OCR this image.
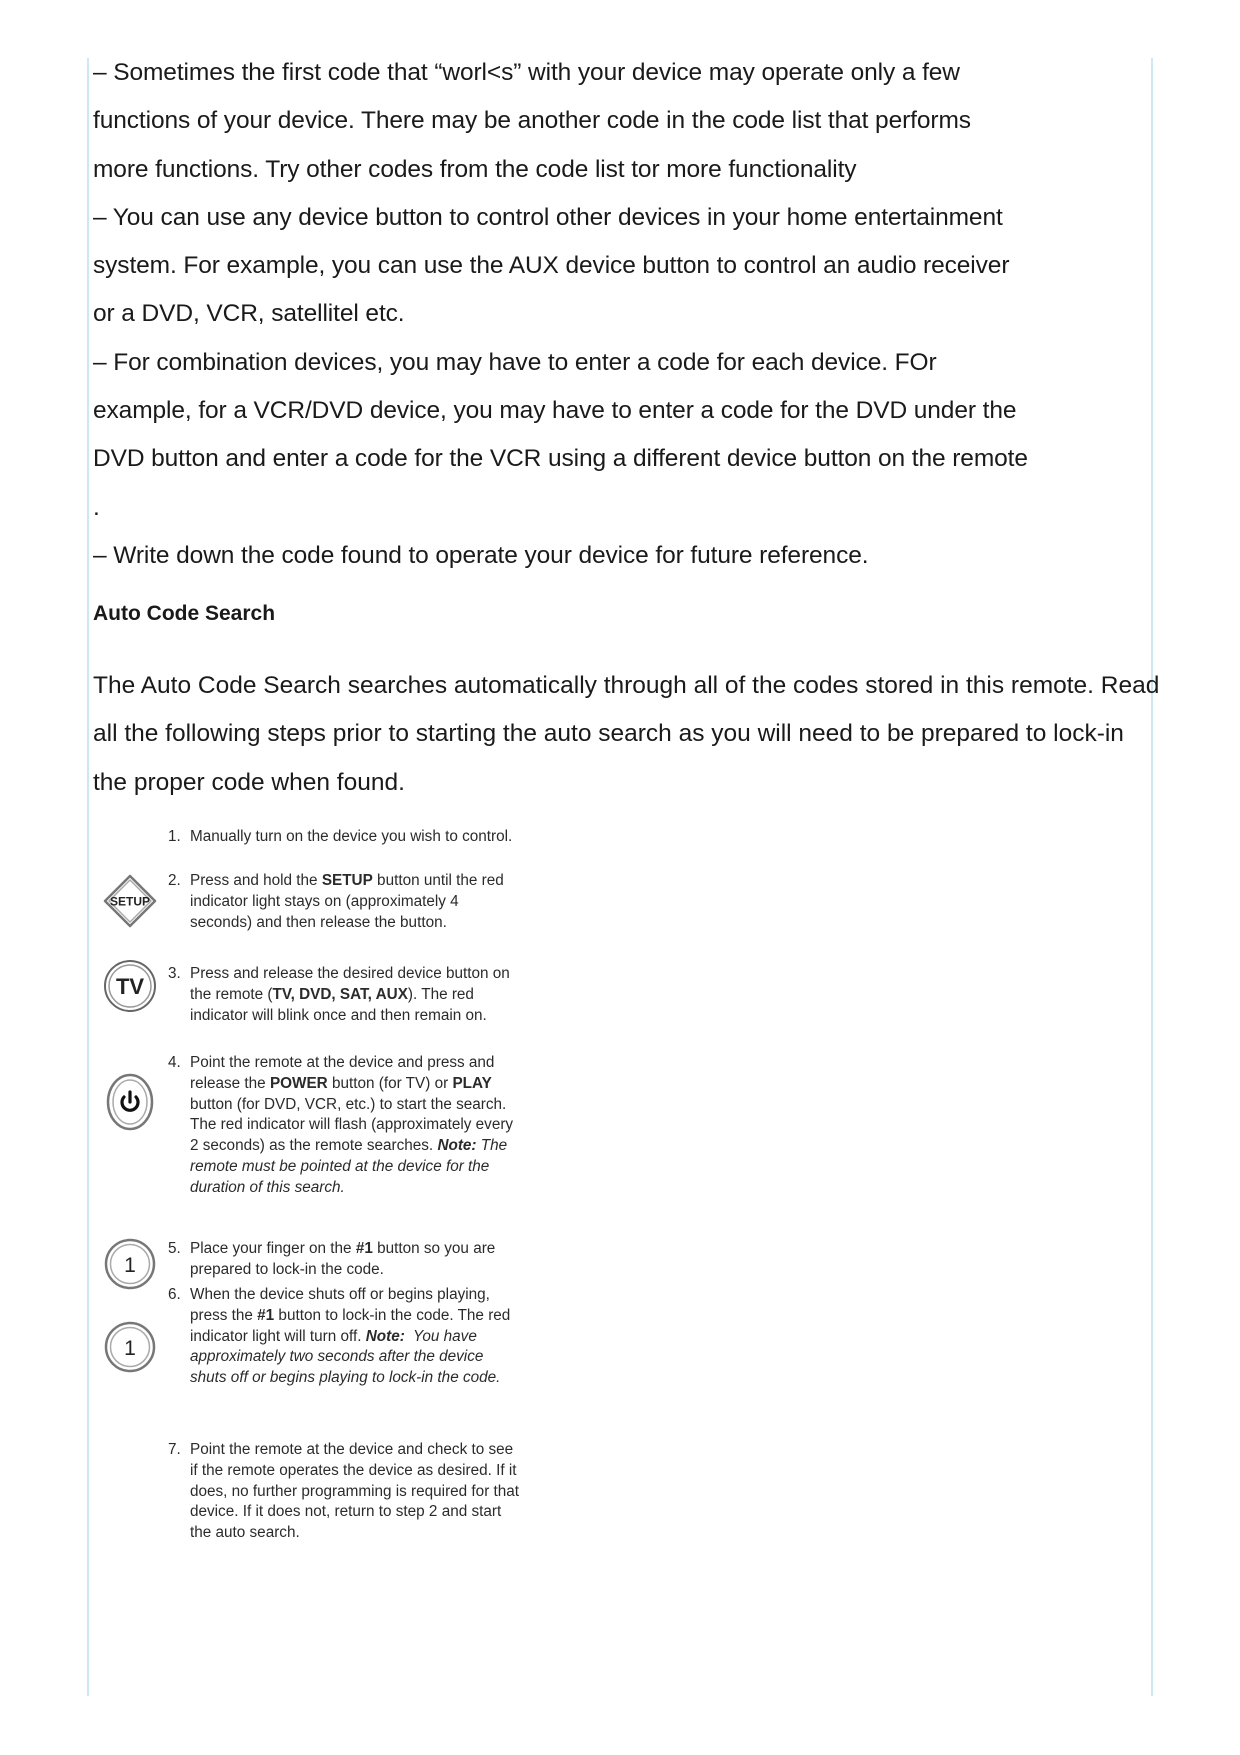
– Sometimes the first code that “worl<s” with your device may operate only a few
functions of your device. There may be another code in the code list that performs
more functions. Try other codes from the code list tor more functionality

– You can use any device button to control other devices in your home entertainment
system. For example, you can use the AUX device button to control an audio receiver
or a DVD, VCR, satellitel etc.

– For combination devices, you may have to enter a code for each device. FOr
example, for a VCR/DVD device, you may have to enter a code for the DVD under the
DVD button and enter a code for the VCR using a different device button on the remote
.

– Write down the code found to operate your device for future reference.

Auto Code Search

The Auto Code Search searches automatically through all of the codes stored in this remote. Read all the following steps prior to starting the auto search as you will need to be prepared to lock-in the proper code when found.

SETUP
TV
1
1
1. Manually turn on the device you wish to control.
2. Press and hold the SETUP button until the red indicator light stays on (approximately 4 seconds) and then release the button.
3. Press and release the desired device button on the remote (TV, DVD, SAT, AUX). The red indicator will blink once and then remain on.
4. Point the remote at the device and press and release the POWER button (for TV) or PLAY button (for DVD, VCR, etc.) to start the search. The red indicator will flash (approximately every 2 seconds) as the remote searches. Note: The remote must be pointed at the device for the duration of this search.
5. Place your finger on the #1 button so you are prepared to lock-in the code.
6. When the device shuts off or begins playing, press the #1 button to lock-in the code. The red indicator light will turn off. Note:  You have approximately two seconds after the device shuts off or begins playing to lock-in the code.
7. Point the remote at the device and check to see if the remote operates the device as desired. If it does, no further programming is required for that device. If it does not, return to step 2 and start the auto search.
